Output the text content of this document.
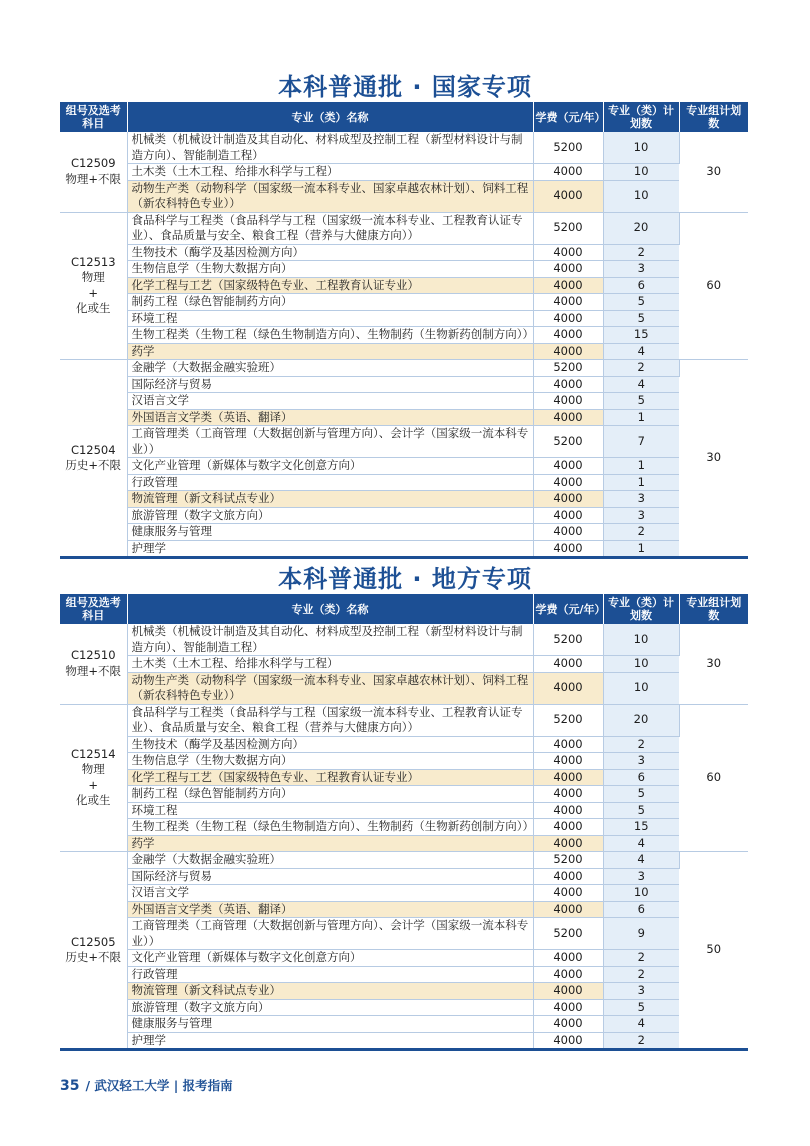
本科普通批 · 国家专项
组号及选考科目	专业（类）名称	学费（元/年）	专业（类）计划数	专业组计划数

C12509
物理+不限	机械类（机械设计制造及其自动化、材料成型及控制工程（新型材料设计与制造方向）、智能制造工程）	5200	10	30
	土木类（土木工程、给排水科学与工程）	4000	10	
	动物生产类（动物科学（国家级一流本科专业、国家卓越农林计划）、饲料工程（新农科特色专业））	4000	10	

C12513
物理
+
化或生	食品科学与工程类（食品科学与工程（国家级一流本科专业、工程教育认证专业）、食品质量与安全、粮食工程（营养与大健康方向））	5200	20	60
	生物技术（酶学及基因检测方向）	4000	2	
	生物信息学（生物大数据方向）	4000	3	
	化学工程与工艺（国家级特色专业、工程教育认证专业）	4000	6	
	制药工程（绿色智能制药方向）	4000	5	
	环境工程	4000	5	
	生物工程类（生物工程（绿色生物制造方向）、生物制药（生物新药创制方向））	4000	15	
	药学	4000	4	

C12504
历史+不限	金融学（大数据金融实验班）	5200	2	30
	国际经济与贸易	4000	4	
	汉语言文学	4000	5	
	外国语言文学类（英语、翻译）	4000	1	
	工商管理类（工商管理（大数据创新与管理方向）、会计学（国家级一流本科专业））	5200	7	
	文化产业管理（新媒体与数字文化创意方向）	4000	1	
	行政管理	4000	1	
	物流管理（新文科试点专业）	4000	3	
	旅游管理（数字文旅方向）	4000	3	
	健康服务与管理	4000	2	
	护理学	4000	1	
本科普通批 · 地方专项
组号及选考科目	专业（类）名称	学费（元/年）	专业（类）计划数	专业组计划数

C12510
物理+不限	机械类（机械设计制造及其自动化、材料成型及控制工程（新型材料设计与制造方向）、智能制造工程）	5200	10	30
	土木类（土木工程、给排水科学与工程）	4000	10	
	动物生产类（动物科学（国家级一流本科专业、国家卓越农林计划）、饲料工程（新农科特色专业））	4000	10	

C12514
物理
+
化或生	食品科学与工程类（食品科学与工程（国家级一流本科专业、工程教育认证专业）、食品质量与安全、粮食工程（营养与大健康方向））	5200	20	60
	生物技术（酶学及基因检测方向）	4000	2	
	生物信息学（生物大数据方向）	4000	3	
	化学工程与工艺（国家级特色专业、工程教育认证专业）	4000	6	
	制药工程（绿色智能制药方向）	4000	5	
	环境工程	4000	5	
	生物工程类（生物工程（绿色生物制造方向）、生物制药（生物新药创制方向））	4000	15	
	药学	4000	4	

C12505
历史+不限	金融学（大数据金融实验班）	5200	4	50
	国际经济与贸易	4000	3	
	汉语言文学	4000	10	
	外国语言文学类（英语、翻译）	4000	6	
	工商管理类（工商管理（大数据创新与管理方向）、会计学（国家级一流本科专业））	5200	9	
	文化产业管理（新媒体与数字文化创意方向）	4000	2	
	行政管理	4000	2	
	物流管理（新文科试点专业）	4000	3	
	旅游管理（数字文旅方向）	4000	5	
	健康服务与管理	4000	4	
	护理学	4000	2	
35 / 武汉轻工大学 | 报考指南
